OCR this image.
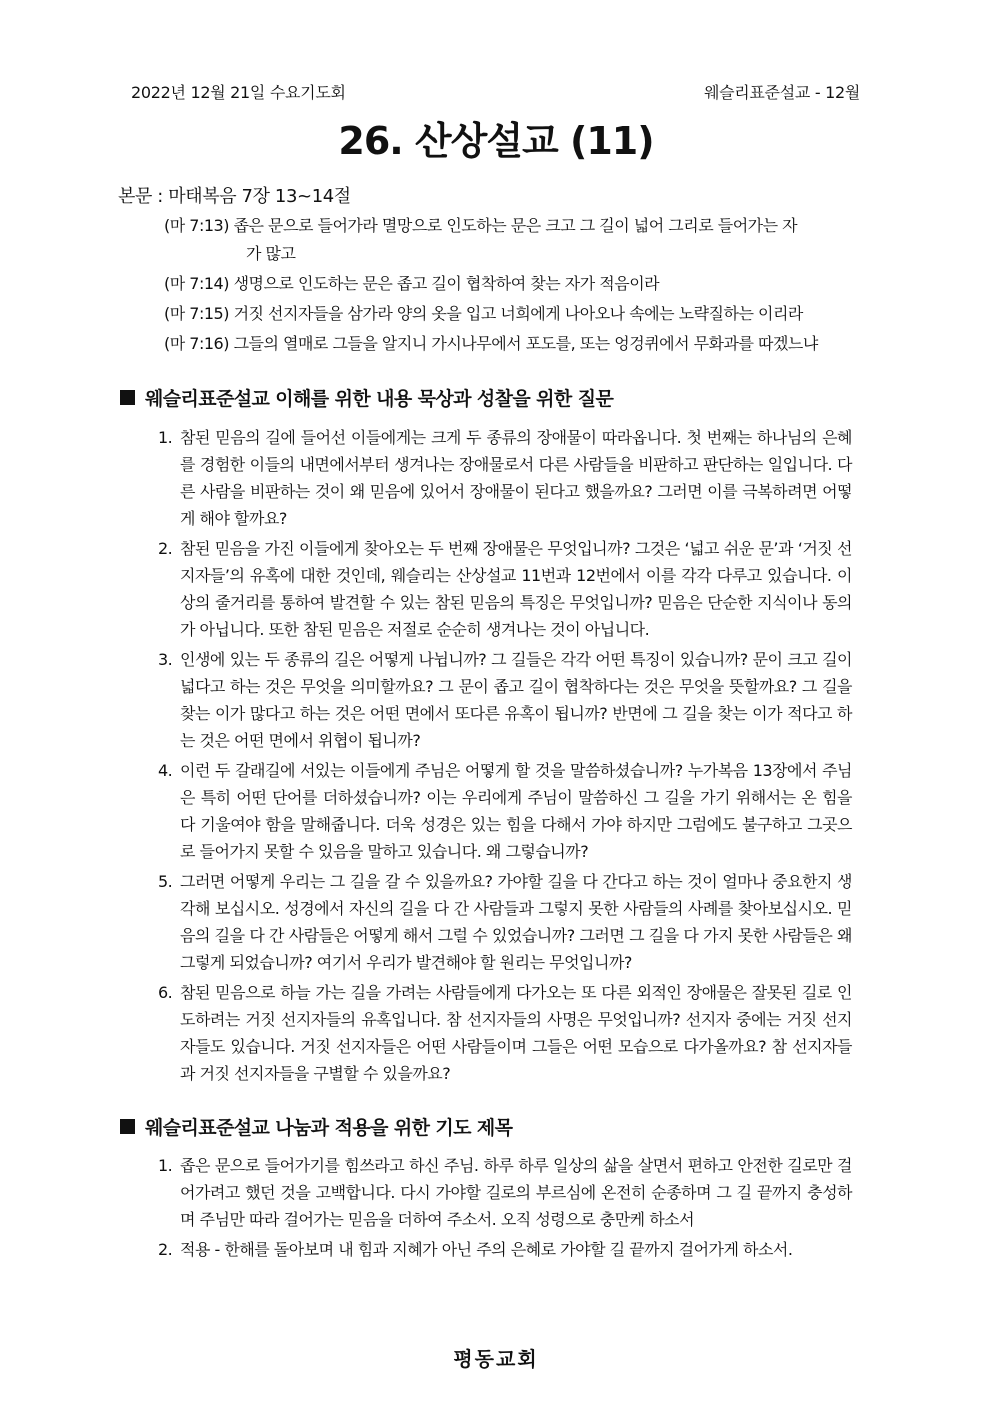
2022년 12월 21일 수요기도회	웨슬리표준설교 - 12월
26. 산상설교 (11)
본문 : 마태복음 7장 13~14절
(마 7:13) 좁은 문으로 들어가라 멸망으로 인도하는 문은 크고 그 길이 넓어 그리로 들어가는 자
가 많고
(마 7:14) 생명으로 인도하는 문은 좁고 길이 협착하여 찾는 자가 적음이라
(마 7:15) 거짓 선지자들을 삼가라 양의 옷을 입고 너희에게 나아오나 속에는 노략질하는 이리라
(마 7:16) 그들의 열매로 그들을 알지니 가시나무에서 포도를, 또는 엉겅퀴에서 무화과를 따겠느냐
웨슬리표준설교 이해를 위한 내용 묵상과 성찰을 위한 질문
1. 참된 믿음의 길에 들어선 이들에게는 크게 두 종류의 장애물이 따라옵니다. 첫 번째는 하나님의 은혜를 경험한 이들의 내면에서부터 생겨나는 장애물로서 다른 사람들을 비판하고 판단하는 일입니다. 다른 사람을 비판하는 것이 왜 믿음에 있어서 장애물이 된다고 했을까요? 그러면 이를 극복하려면 어떻게 해야 할까요?
2. 참된 믿음을 가진 이들에게 찾아오는 두 번째 장애물은 무엇입니까? 그것은 ‘넓고 쉬운 문’과 ‘거짓 선지자들’의 유혹에 대한 것인데, 웨슬리는 산상설교 11번과 12번에서 이를 각각 다루고 있습니다. 이상의 줄거리를 통하여 발견할 수 있는 참된 믿음의 특징은 무엇입니까? 믿음은 단순한 지식이나 동의가 아닙니다. 또한 참된 믿음은 저절로 순순히 생겨나는 것이 아닙니다.
3. 인생에 있는 두 종류의 길은 어떻게 나뉩니까? 그 길들은 각각 어떤 특징이 있습니까? 문이 크고 길이 넓다고 하는 것은 무엇을 의미할까요? 그 문이 좁고 길이 협착하다는 것은 무엇을 뜻할까요? 그 길을 찾는 이가 많다고 하는 것은 어떤 면에서 또다른 유혹이 됩니까? 반면에 그 길을 찾는 이가 적다고 하는 것은 어떤 면에서 위협이 됩니까?
4. 이런 두 갈래길에 서있는 이들에게 주님은 어떻게 할 것을 말씀하셨습니까? 누가복음 13장에서 주님은 특히 어떤 단어를 더하셨습니까? 이는 우리에게 주님이 말씀하신 그 길을 가기 위해서는 온 힘을 다 기울여야 함을 말해줍니다. 더욱 성경은 있는 힘을 다해서 가야 하지만 그럼에도 불구하고 그곳으로 들어가지 못할 수 있음을 말하고 있습니다. 왜 그렇습니까?
5. 그러면 어떻게 우리는 그 길을 갈 수 있을까요? 가야할 길을 다 간다고 하는 것이 얼마나 중요한지 생각해 보십시오. 성경에서 자신의 길을 다 간 사람들과 그렇지 못한 사람들의 사례를 찾아보십시오. 믿음의 길을 다 간 사람들은 어떻게 해서 그럴 수 있었습니까? 그러면 그 길을 다 가지 못한 사람들은 왜 그렇게 되었습니까? 여기서 우리가 발견해야 할 원리는 무엇입니까?
6. 참된 믿음으로 하늘 가는 길을 가려는 사람들에게 다가오는 또 다른 외적인 장애물은 잘못된 길로 인도하려는 거짓 선지자들의 유혹입니다. 참 선지자들의 사명은 무엇입니까? 선지자 중에는 거짓 선지자들도 있습니다. 거짓 선지자들은 어떤 사람들이며 그들은 어떤 모습으로 다가올까요? 참 선지자들과 거짓 선지자들을 구별할 수 있을까요?
웨슬리표준설교 나눔과 적용을 위한 기도 제목
1. 좁은 문으로 들어가기를 힘쓰라고 하신 주님. 하루 하루 일상의 삶을 살면서 편하고 안전한 길로만 걸어가려고 했던 것을 고백합니다. 다시 가야할 길로의 부르심에 온전히 순종하며 그 길 끝까지 충성하며 주님만 따라 걸어가는 믿음을 더하여 주소서. 오직 성령으로 충만케 하소서
2. 적용 - 한해를 돌아보며 내 힘과 지혜가 아닌 주의 은혜로 가야할 길 끝까지 걸어가게 하소서.
평동교회
